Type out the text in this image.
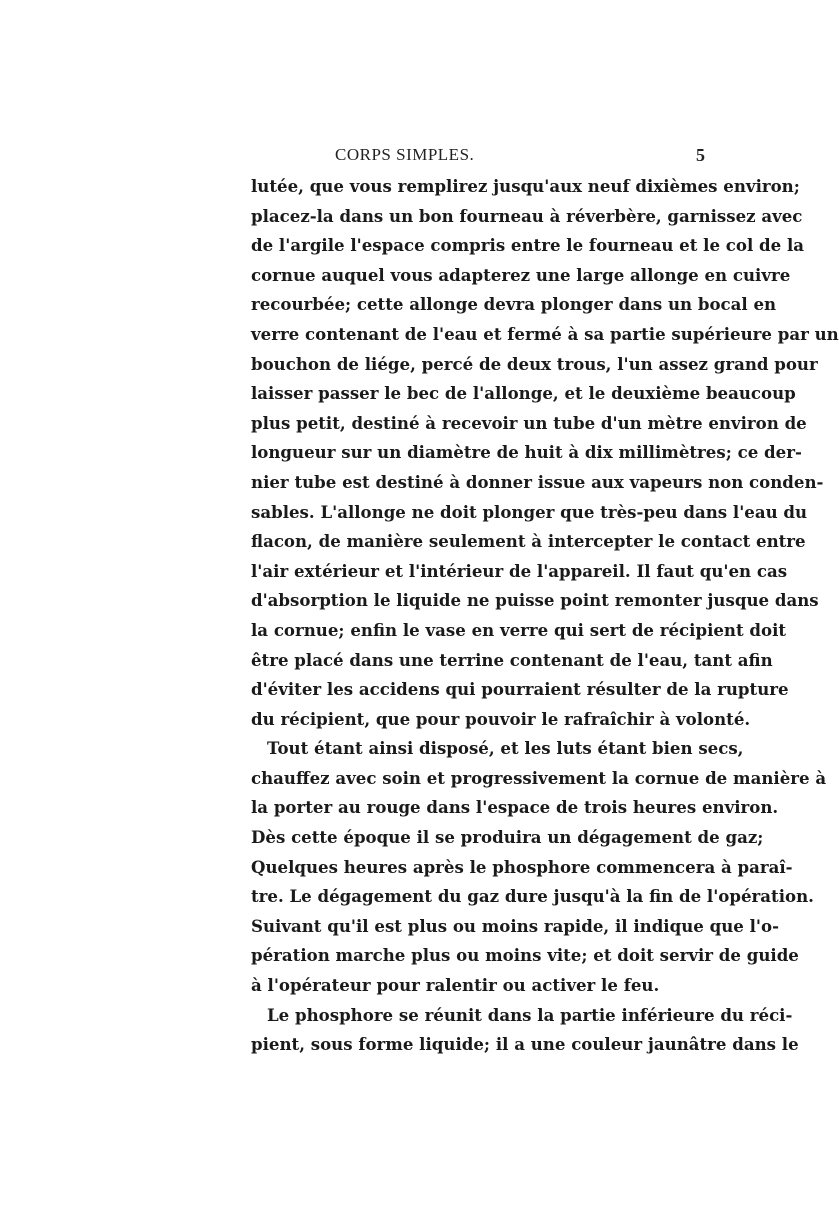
CORPS SIMPLES.	5
lutée, que vous remplirez jusqu'aux neuf dixièmes environ;
placez-la dans un bon fourneau à réverbère, garnissez avec
de l'argile l'espace compris entre le fourneau et le col de la
cornue auquel vous adapterez une large allonge en cuivre
recourbée; cette allonge devra plonger dans un bocal en
verre contenant de l'eau et fermé à sa partie supérieure par un
bouchon de liége, percé de deux trous, l'un assez grand pour
laisser passer le bec de l'allonge, et le deuxième beaucoup
plus petit, destiné à recevoir un tube d'un mètre environ de
longueur sur un diamètre de huit à dix millimètres; ce der-
nier tube est destiné à donner issue aux vapeurs non conden-
sables. L'allonge ne doit plonger que très-peu dans l'eau du
flacon, de manière seulement à intercepter le contact entre
l'air extérieur et l'intérieur de l'appareil. Il faut qu'en cas
d'absorption le liquide ne puisse point remonter jusque dans
la cornue; enfin le vase en verre qui sert de récipient doit
être placé dans une terrine contenant de l'eau, tant afin
d'éviter les accidens qui pourraient résulter de la rupture
du récipient, que pour pouvoir le rafraîchir à volonté.
Tout étant ainsi disposé, et les luts étant bien secs,
chauffez avec soin et progressivement la cornue de manière à
la porter au rouge dans l'espace de trois heures environ.
Dès cette époque il se produira un dégagement de gaz;
Quelques heures après le phosphore commencera à paraî-
tre. Le dégagement du gaz dure jusqu'à la fin de l'opération.
Suivant qu'il est plus ou moins rapide, il indique que l'o-
pération marche plus ou moins vite; et doit servir de guide
à l'opérateur pour ralentir ou activer le feu.
Le phosphore se réunit dans la partie inférieure du réci-
pient, sous forme liquide; il a une couleur jaunâtre dans le
